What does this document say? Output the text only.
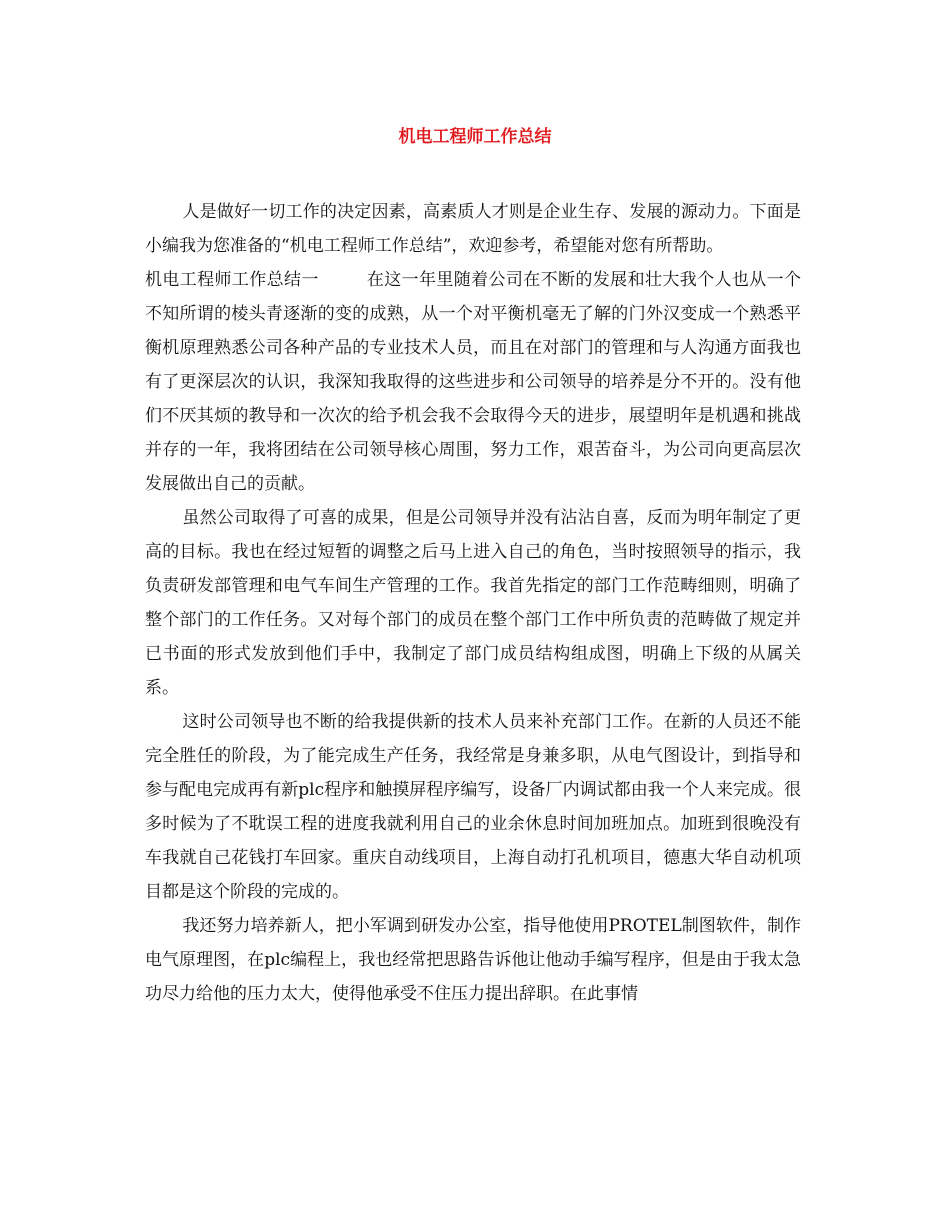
机电工程师工作总结

人是做好一切工作的决定因素，高素质人才则是企业生存、发展的源动力。下面是小编我为您准备的“机电工程师工作总结”，欢迎参考，希望能对您有所帮助。

机电工程师工作总结一	在这一年里随着公司在不断的发展和壮大我个人也从一个不知所谓的棱头青逐渐的变的成熟，从一个对平衡机毫无了解的门外汉变成一个熟悉平衡机原理熟悉公司各种产品的专业技术人员，而且在对部门的管理和与人沟通方面我也有了更深层次的认识，我深知我取得的这些进步和公司领导的培养是分不开的。没有他们不厌其烦的教导和一次次的给予机会我不会取得今天的进步，展望明年是机遇和挑战并存的一年，我将团结在公司领导核心周围，努力工作，艰苦奋斗，为公司向更高层次发展做出自己的贡献。

虽然公司取得了可喜的成果，但是公司领导并没有沾沾自喜，反而为明年制定了更高的目标。我也在经过短暂的调整之后马上进入自己的角色，当时按照领导的指示，我负责研发部管理和电气车间生产管理的工作。我首先指定的部门工作范畴细则，明确了整个部门的工作任务。又对每个部门的成员在整个部门工作中所负责的范畴做了规定并已书面的形式发放到他们手中，我制定了部门成员结构组成图，明确上下级的从属关系。

这时公司领导也不断的给我提供新的技术人员来补充部门工作。在新的人员还不能完全胜任的阶段，为了能完成生产任务，我经常是身兼多职，从电气图设计，到指导和参与配电完成再有新plc程序和触摸屏程序编写，设备厂内调试都由我一个人来完成。很多时候为了不耽误工程的进度我就利用自己的业余休息时间加班加点。加班到很晚没有车我就自己花钱打车回家。重庆自动线项目，上海自动打孔机项目，德惠大华自动机项目都是这个阶段的完成的。

我还努力培养新人，把小军调到研发办公室，指导他使用PROTEL制图软件，制作电气原理图，在plc编程上，我也经常把思路告诉他让他动手编写程序，但是由于我太急功尽力给他的压力太大，使得他承受不住压力提出辞职。在此事情
